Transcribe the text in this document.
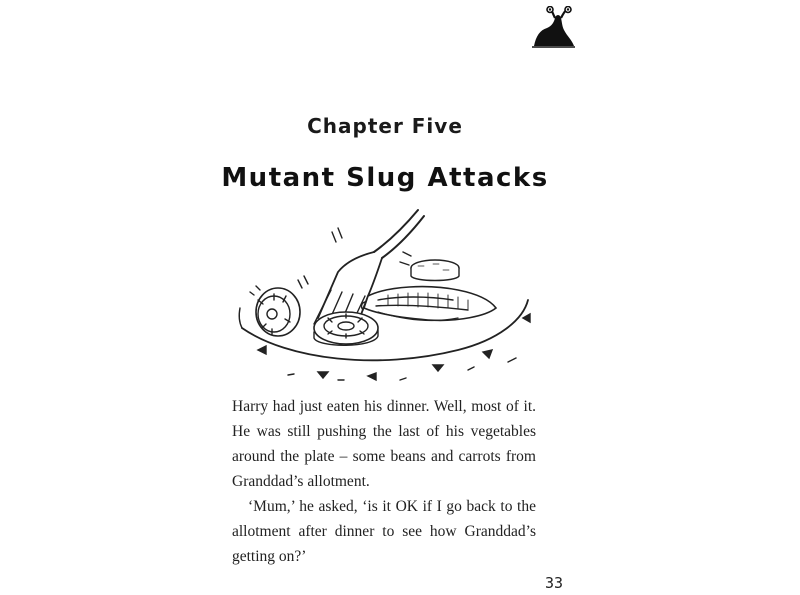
Chapter Five
Mutant Slug Attacks

Harry had just eaten his dinner. Well, most of it. He was still pushing the last of his vegetables around the plate – some beans and carrots from Granddad’s allotment.

‘Mum,’ he asked, ‘is it OK if I go back to the allotment after dinner to see how Granddad’s getting on?’

33
